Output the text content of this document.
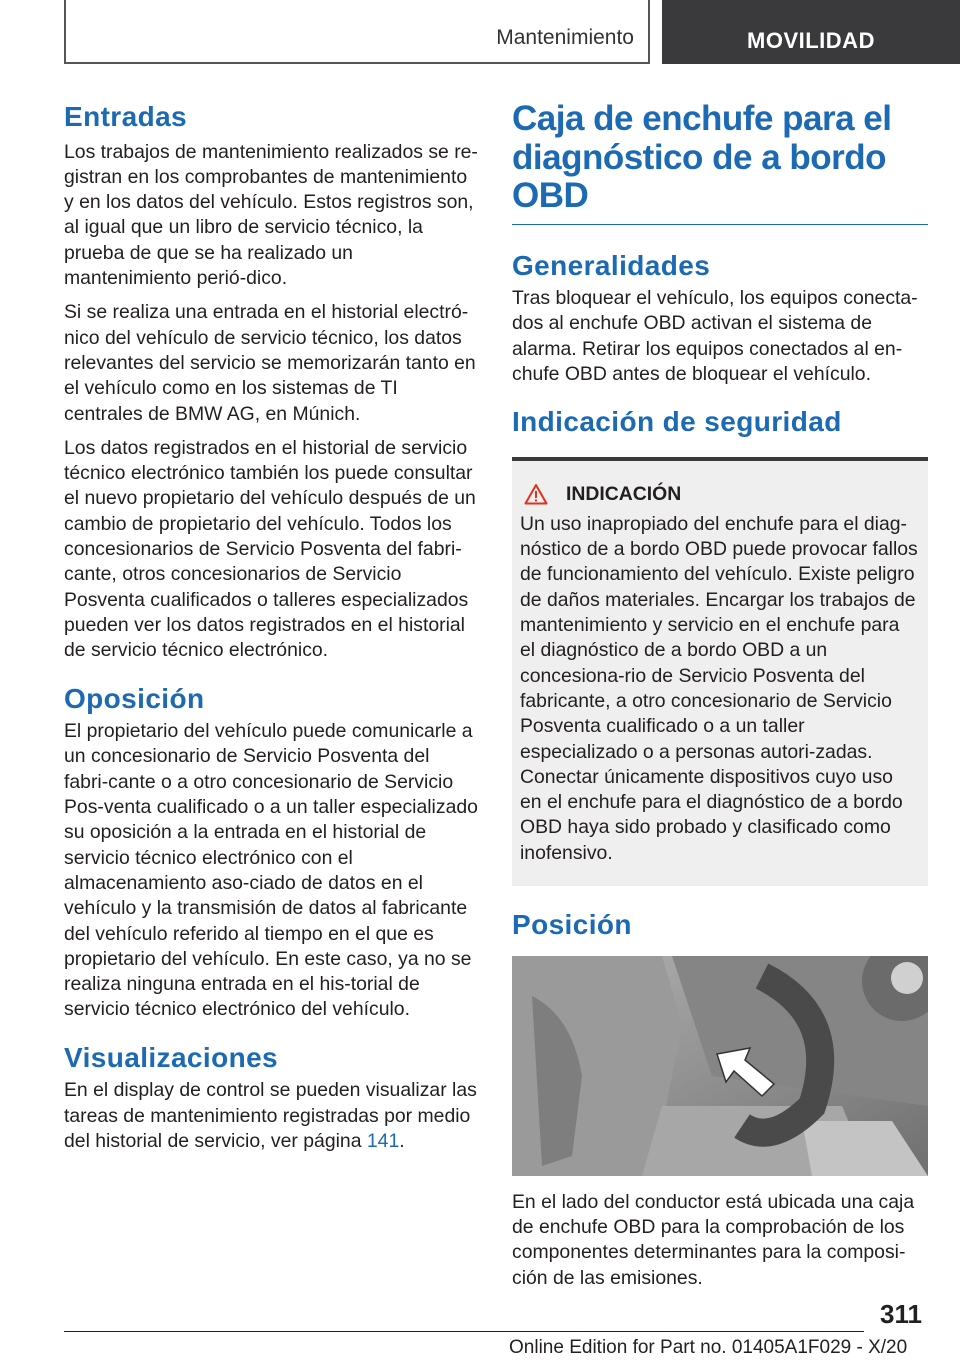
Mantenimiento	MOVILIDAD
Entradas

Los trabajos de mantenimiento realizados se re-gistran en los comprobantes de mantenimiento y en los datos del vehículo. Estos registros son, al igual que un libro de servicio técnico, la prueba de que se ha realizado un mantenimiento perió-dico.

Si se realiza una entrada en el historial electró-nico del vehículo de servicio técnico, los datos relevantes del servicio se memorizarán tanto en el vehículo como en los sistemas de TI centrales de BMW AG, en Múnich.

Los datos registrados en el historial de servicio técnico electrónico también los puede consultar el nuevo propietario del vehículo después de un cambio de propietario del vehículo. Todos los concesionarios de Servicio Posventa del fabri-cante, otros concesionarios de Servicio Posventa cualificados o talleres especializados pueden ver los datos registrados en el historial de servicio técnico electrónico.

Oposición

El propietario del vehículo puede comunicarle a un concesionario de Servicio Posventa del fabri-cante o a otro concesionario de Servicio Pos-venta cualificado o a un taller especializado su oposición a la entrada en el historial de servicio técnico electrónico con el almacenamiento aso-ciado de datos en el vehículo y la transmisión de datos al fabricante del vehículo referido al tiempo en el que es propietario del vehículo. En este caso, ya no se realiza ninguna entrada en el his-torial de servicio técnico electrónico del vehículo.

Visualizaciones

En el display de control se pueden visualizar las tareas de mantenimiento registradas por medio del historial de servicio, ver página 141.

Caja de enchufe para el diagnóstico de a bordo OBD
Generalidades

Tras bloquear el vehículo, los equipos conecta-dos al enchufe OBD activan el sistema de alarma. Retirar los equipos conectados al en-chufe OBD antes de bloquear el vehículo.

Indicación de seguridad
INDICACIÓN

Un uso inapropiado del enchufe para el diag-nóstico de a bordo OBD puede provocar fallos de funcionamiento del vehículo. Existe peligro de daños materiales. Encargar los trabajos de mantenimiento y servicio en el enchufe para el diagnóstico de a bordo OBD a un concesiona-rio de Servicio Posventa del fabricante, a otro concesionario de Servicio Posventa cualificado o a un taller especializado o a personas autori-zadas. Conectar únicamente dispositivos cuyo uso en el enchufe para el diagnóstico de a bordo OBD haya sido probado y clasificado como inofensivo.

Posición

En el lado del conductor está ubicada una caja de enchufe OBD para la comprobación de los componentes determinantes para la composi-ción de las emisiones.

311
Online Edition for Part no. 01405A1F029 - X/20
